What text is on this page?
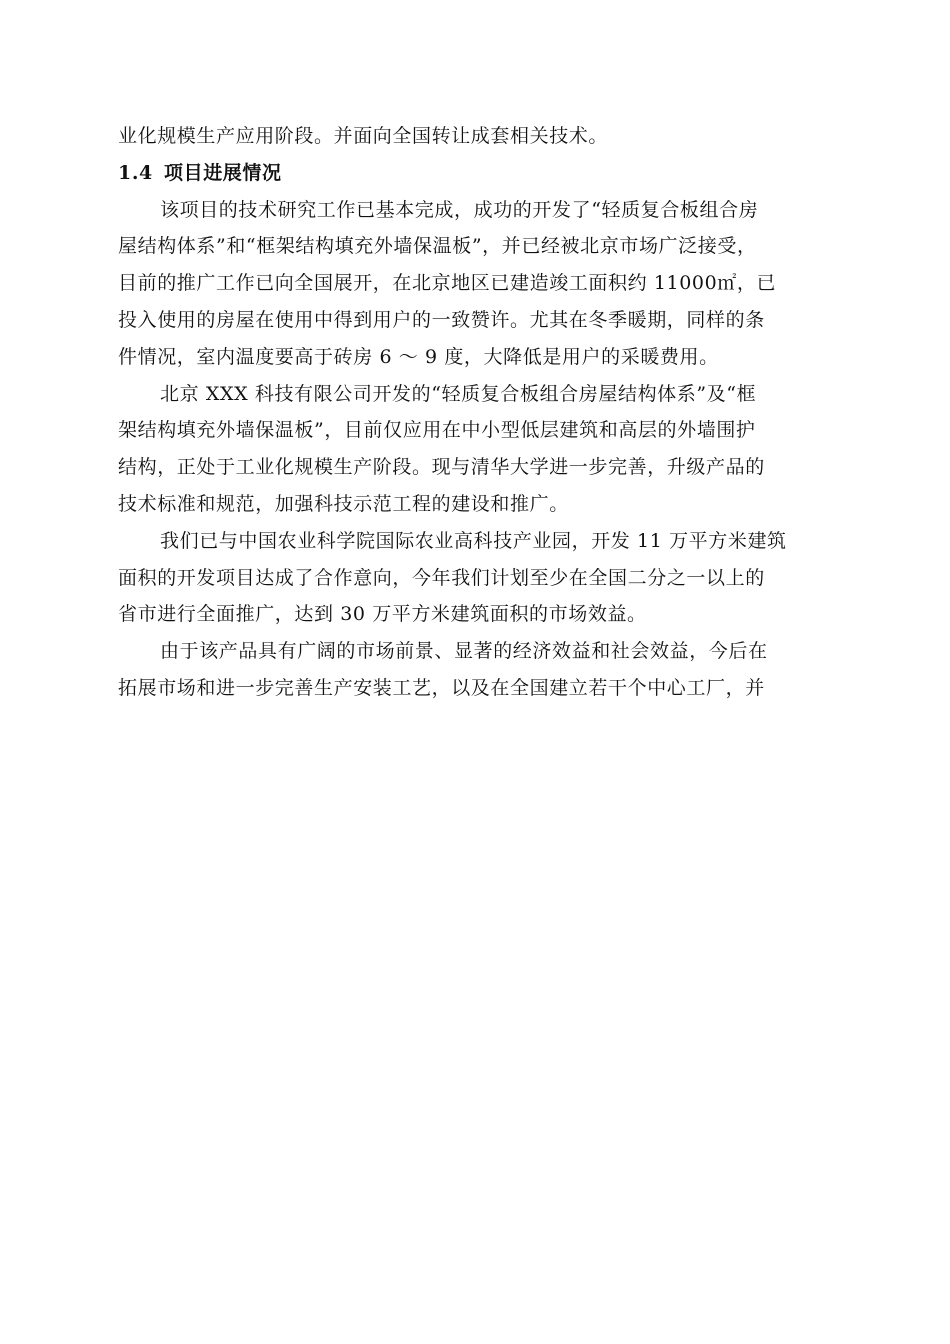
业化规模生产应用阶段。并面向全国转让成套相关技术。
1.4 项目进展情况
该项目的技术研究工作已基本完成，成功的开发了“轻质复合板组合房
屋结构体系”和“框架结构填充外墙保温板”，并已经被北京市场广泛接受，
目前的推广工作已向全国展开，在北京地区已建造竣工面积约 11000㎡，已
投入使用的房屋在使用中得到用户的一致赞许。尤其在冬季暖期，同样的条
件情况，室内温度要高于砖房 6 ～ 9 度，大降低是用户的采暖费用。
北京 XXX 科技有限公司开发的“轻质复合板组合房屋结构体系”及“框
架结构填充外墙保温板”，目前仅应用在中小型低层建筑和高层的外墙围护
结构，正处于工业化规模生产阶段。现与清华大学进一步完善，升级产品的
技术标准和规范，加强科技示范工程的建设和推广。
我们已与中国农业科学院国际农业高科技产业园，开发 11 万平方米建筑
面积的开发项目达成了合作意向，今年我们计划至少在全国二分之一以上的
省市进行全面推广，达到 30 万平方米建筑面积的市场效益。
由于该产品具有广阔的市场前景、显著的经济效益和社会效益，今后在
拓展市场和进一步完善生产安装工艺，以及在全国建立若干个中心工厂，并
